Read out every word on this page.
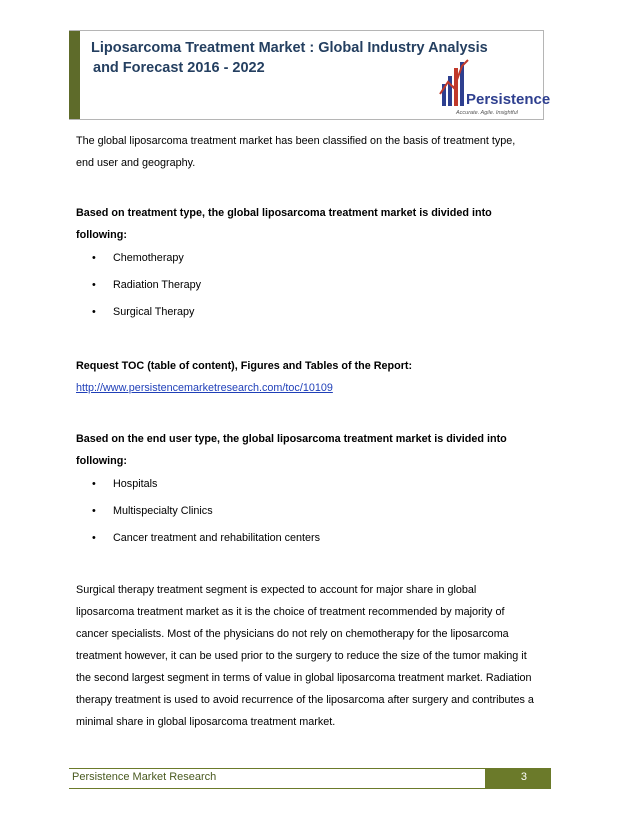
Liposarcoma Treatment Market : Global Industry Analysis
and Forecast 2016 - 2022
Persistence
Accurate. Agile. Insightful
The global liposarcoma treatment market has been classified on the basis of treatment type,
end user and geography.
Based on treatment type, the global liposarcoma treatment market is divided into
following:
• Chemotherapy
• Radiation Therapy
• Surgical Therapy
Request TOC (table of content), Figures and Tables of the Report:
http://www.persistencemarketresearch.com/toc/10109
Based on the end user type, the global liposarcoma treatment market is divided into
following:
• Hospitals
• Multispecialty Clinics
• Cancer treatment and rehabilitation centers
Surgical therapy treatment segment is expected to account for major share in global
liposarcoma treatment market as it is the choice of treatment recommended by majority of
cancer specialists. Most of the physicians do not rely on chemotherapy for the liposarcoma
treatment however, it can be used prior to the surgery to reduce the size of the tumor making it
the second largest segment in terms of value in global liposarcoma treatment market. Radiation
therapy treatment is used to avoid recurrence of the liposarcoma after surgery and contributes a
minimal share in global liposarcoma treatment market.
Persistence Market Research	3
